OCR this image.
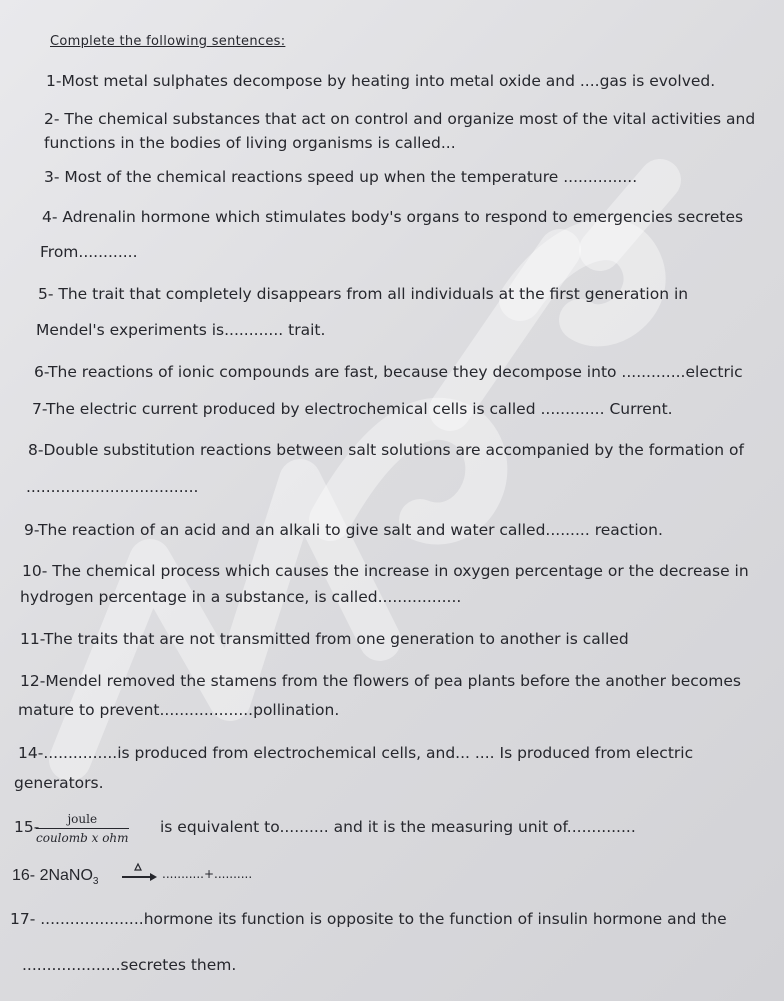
Complete the following sentences:
1-Most metal sulphates decompose by heating into metal oxide and ....gas is evolved.
2- The chemical substances that act on control and organize most of the vital activities and
functions in the bodies of living organisms is called...
3- Most of the chemical reactions speed up when the temperature ...............
4- Adrenalin hormone which stimulates body's organs to respond to emergencies secretes
From............
5- The trait that completely disappears from all individuals at the first generation in
Mendel's experiments is............ trait.
6-The reactions of ionic compounds are fast, because they decompose into .............electric
7-The electric current produced by electrochemical cells is called ............. Current.
8-Double substitution reactions between salt solutions are accompanied by the formation of
...................................
9-The reaction of an acid and an alkali to give salt and water called......... reaction.
10- The chemical process which causes the increase in oxygen percentage or the decrease in
hydrogen percentage in a substance, is called.................
11-The traits that are not transmitted from one generation to another is called
12-Mendel removed the stamens from the flowers of pea plants before the another becomes
mature to prevent...................pollination.
14-...............is produced from electrochemical cells, and... .... Is produced from electric
generators.
15-	joule
coulomb x ohm
is equivalent to.......... and it is the measuring unit of..............
16- 2NaNO$_3$
...........+..........
17- .....................hormone its function is opposite to the function of insulin hormone and the
....................secretes them.
